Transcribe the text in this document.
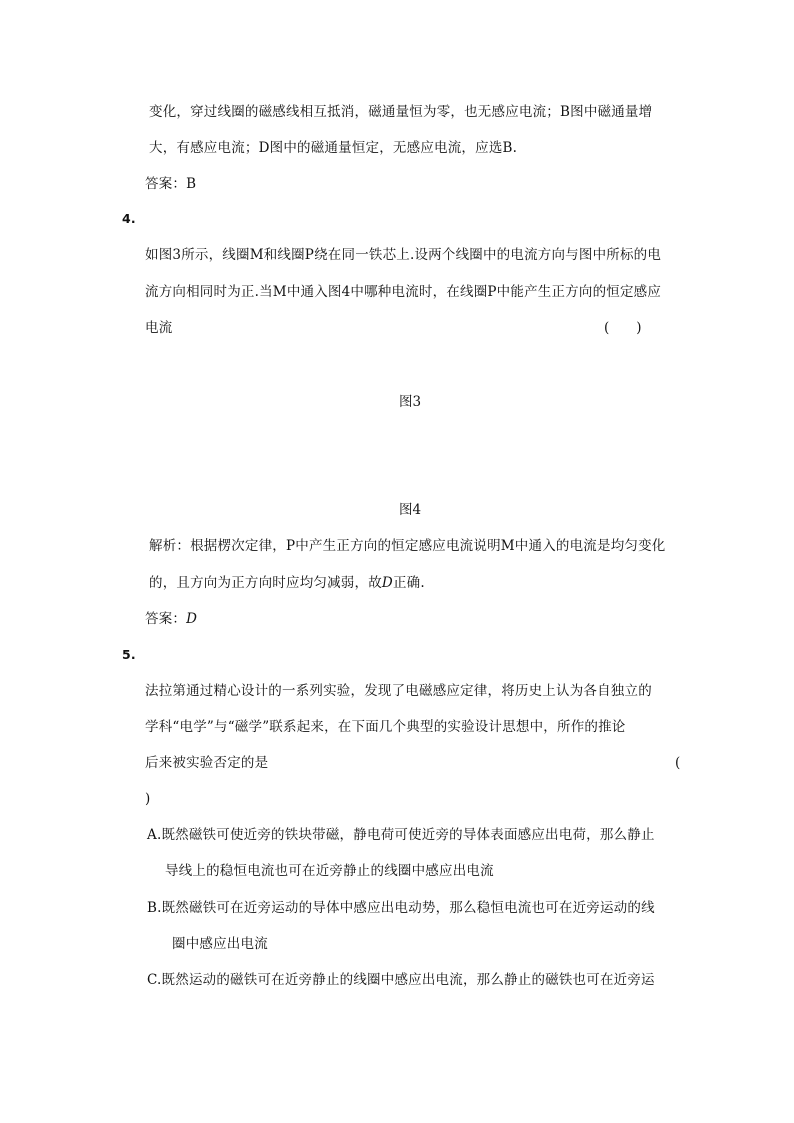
变化，穿过线圈的磁感线相互抵消，磁通量恒为零，也无感应电流；B图中磁通量增
大，有感应电流；D图中的磁通量恒定，无感应电流，应选B.
答案：B
4.
如图3所示，线圈M和线圈P绕在同一铁芯上.设两个线圈中的电流方向与图中所标的电
流方向相同时为正.当M中通入图4中哪种电流时，在线圈P中能产生正方向的恒定感应
电流	(　　)
图3
图4
解析：根据楞次定律，P中产生正方向的恒定感应电流说明M中通入的电流是均匀变化
的，且方向为正方向时应均匀减弱，故D正确.
答案：D
5.
法拉第通过精心设计的一系列实验，发现了电磁感应定律，将历史上认为各自独立的
学科“电学”与“磁学”联系起来，在下面几个典型的实验设计思想中，所作的推论
后来被实验否定的是	(
)
A.既然磁铁可使近旁的铁块带磁，静电荷可使近旁的导体表面感应出电荷，那么静止
导线上的稳恒电流也可在近旁静止的线圈中感应出电流
B.既然磁铁可在近旁运动的导体中感应出电动势，那么稳恒电流也可在近旁运动的线
圈中感应出电流
C.既然运动的磁铁可在近旁静止的线圈中感应出电流，那么静止的磁铁也可在近旁运
